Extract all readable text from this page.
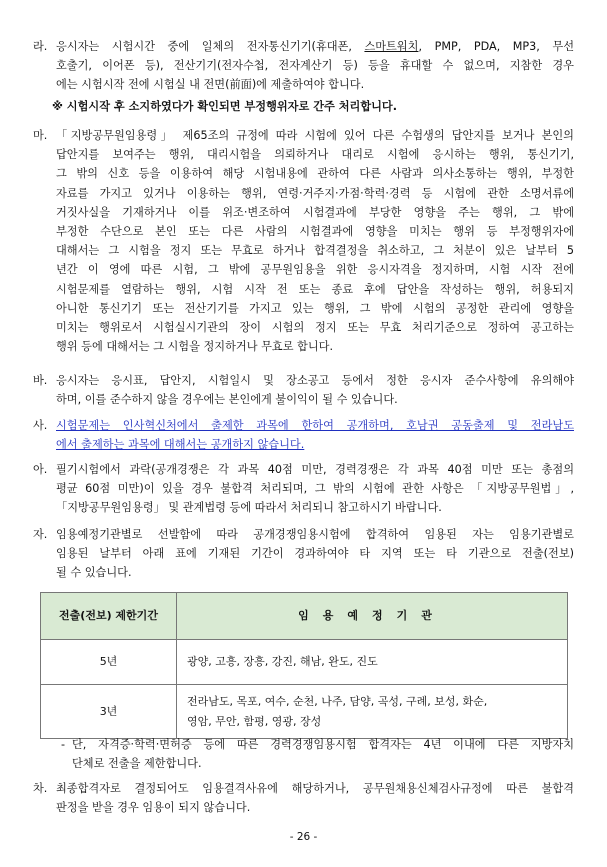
라. 응시자는 시험시간 중에 일체의 전자통신기기(휴대폰, 스마트워치, PMP, PDA, MP3, 무선
호출기, 이어폰 등), 전산기기(전자수첩, 전자계산기 등) 등을 휴대할 수 없으며, 지참한 경우
에는 시험시작 전에 시험실 내 전면(前面)에 제출하여야 합니다.
※ 시험시작 후 소지하였다가 확인되면 부정행위자로 간주 처리합니다.
마. 「지방공무원임용령」 제65조의 규정에 따라 시험에 있어 다른 수험생의 답안지를 보거나 본인의
답안지를 보여주는 행위, 대리시험을 의뢰하거나 대리로 시험에 응시하는 행위, 통신기기,
그 밖의 신호 등을 이용하여 해당 시험내용에 관하여 다른 사람과 의사소통하는 행위, 부정한
자료를 가지고 있거나 이용하는 행위, 연령·거주지·가점·학력·경력 등 시험에 관한 소명서류에
거짓사실을 기재하거나 이를 위조·변조하여 시험결과에 부당한 영향을 주는 행위, 그 밖에
부정한 수단으로 본인 또는 다른 사람의 시험결과에 영향을 미치는 행위 등 부정행위자에
대해서는 그 시험을 정지 또는 무효로 하거나 합격결정을 취소하고, 그 처분이 있은 날부터 5
년간 이 영에 따른 시험, 그 밖에 공무원임용을 위한 응시자격을 정지하며, 시험 시작 전에
시험문제를 열람하는 행위, 시험 시작 전 또는 종료 후에 답안을 작성하는 행위, 허용되지
아니한 통신기기 또는 전산기기를 가지고 있는 행위, 그 밖에 시험의 공정한 관리에 영향을
미치는 행위로서 시험실시기관의 장이 시험의 정지 또는 무효 처리기준으로 정하여 공고하는
행위 등에 대해서는 그 시험을 정지하거나 무효로 합니다.
바. 응시자는 응시표, 답안지, 시험일시 및 장소공고 등에서 정한 응시자 준수사항에 유의해야
하며, 이를 준수하지 않을 경우에는 본인에게 불이익이 될 수 있습니다.
사. 시험문제는 인사혁신처에서 출제한 과목에 한하여 공개하며, 호남권 공동출제 및 전라남도
에서 출제하는 과목에 대해서는 공개하지 않습니다.
아. 필기시험에서 과락(공개경쟁은 각 과목 40점 미만, 경력경쟁은 각 과목 40점 미만 또는 총점의
평균 60점 미만)이 있을 경우 불합격 처리되며, 그 밖의 시험에 관한 사항은 「지방공무원법」,
「지방공무원임용령」 및 관계법령 등에 따라서 처리되니 참고하시기 바랍니다.
자. 임용예정기관별로 선발함에 따라 공개경쟁임용시험에 합격하여 임용된 자는 임용기관별로
임용된 날부터 아래 표에 기재된 기간이 경과하여야 타 지역 또는 타 기관으로 전출(전보)
될 수 있습니다.
전출(전보) 제한기간	임용예정기관
5년	광양, 고흥, 장흥, 강진, 해남, 완도, 진도

3년	전라남도, 목포, 여수, 순천, 나주, 담양, 곡성, 구례, 보성, 화순,
영암, 무안, 함평, 영광, 장성
- 단, 자격증·학력·면허증 등에 따른 경력경쟁임용시험 합격자는 4년 이내에 다른 지방자치
단체로 전출을 제한합니다.
차. 최종합격자로 결정되어도 임용결격사유에 해당하거나, 공무원채용신체검사규정에 따른 불합격
판정을 받을 경우 임용이 되지 않습니다.
- 26 -
